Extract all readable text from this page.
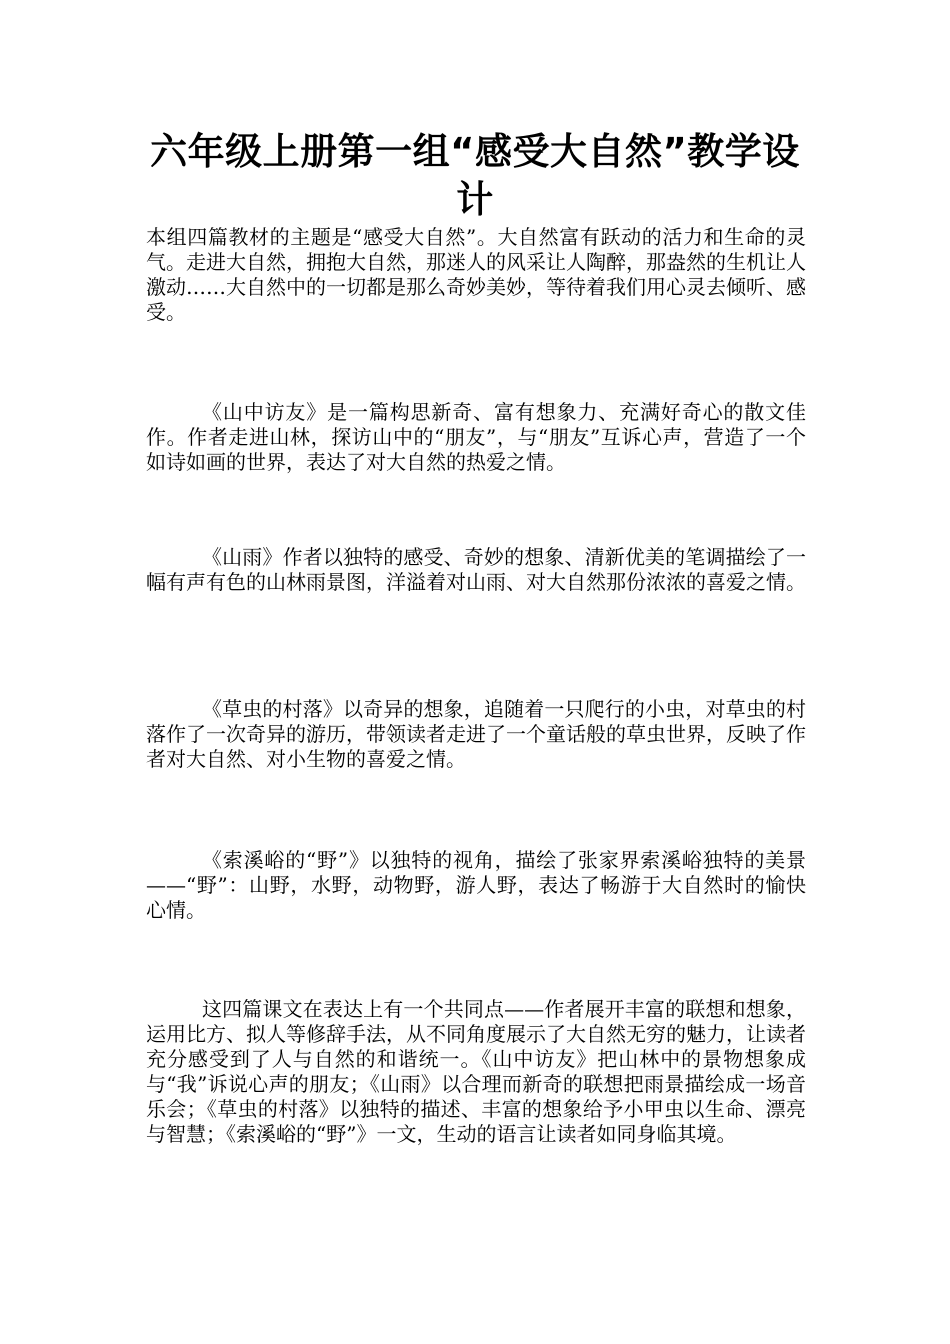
六年级上册第一组“感受大自然”教学设计

本组四篇教材的主题是“感受大自然”。大自然富有跃动的活力和生命的灵气。走进大自然，拥抱大自然，那迷人的风采让人陶醉，那盎然的生机让人激动……大自然中的一切都是那么奇妙美妙，等待着我们用心灵去倾听、感受。

《山中访友》是一篇构思新奇、富有想象力、充满好奇心的散文佳作。作者走进山林，探访山中的“朋友”，与“朋友”互诉心声，营造了一个如诗如画的世界，表达了对大自然的热爱之情。

《山雨》作者以独特的感受、奇妙的想象、清新优美的笔调描绘了一幅有声有色的山林雨景图，洋溢着对山雨、对大自然那份浓浓的喜爱之情。

《草虫的村落》以奇异的想象，追随着一只爬行的小虫，对草虫的村落作了一次奇异的游历，带领读者走进了一个童话般的草虫世界，反映了作者对大自然、对小生物的喜爱之情。

《索溪峪的“野”》以独特的视角，描绘了张家界索溪峪独特的美景——“野”：山野，水野，动物野，游人野，表达了畅游于大自然时的愉快心情。

这四篇课文在表达上有一个共同点——作者展开丰富的联想和想象，运用比方、拟人等修辞手法，从不同角度展示了大自然无穷的魅力，让读者充分感受到了人与自然的和谐统一。《山中访友》把山林中的景物想象成与“我”诉说心声的朋友；《山雨》以合理而新奇的联想把雨景描绘成一场音乐会；《草虫的村落》以独特的描述、丰富的想象给予小甲虫以生命、漂亮与智慧；《索溪峪的“野”》一文，生动的语言让读者如同身临其境。
